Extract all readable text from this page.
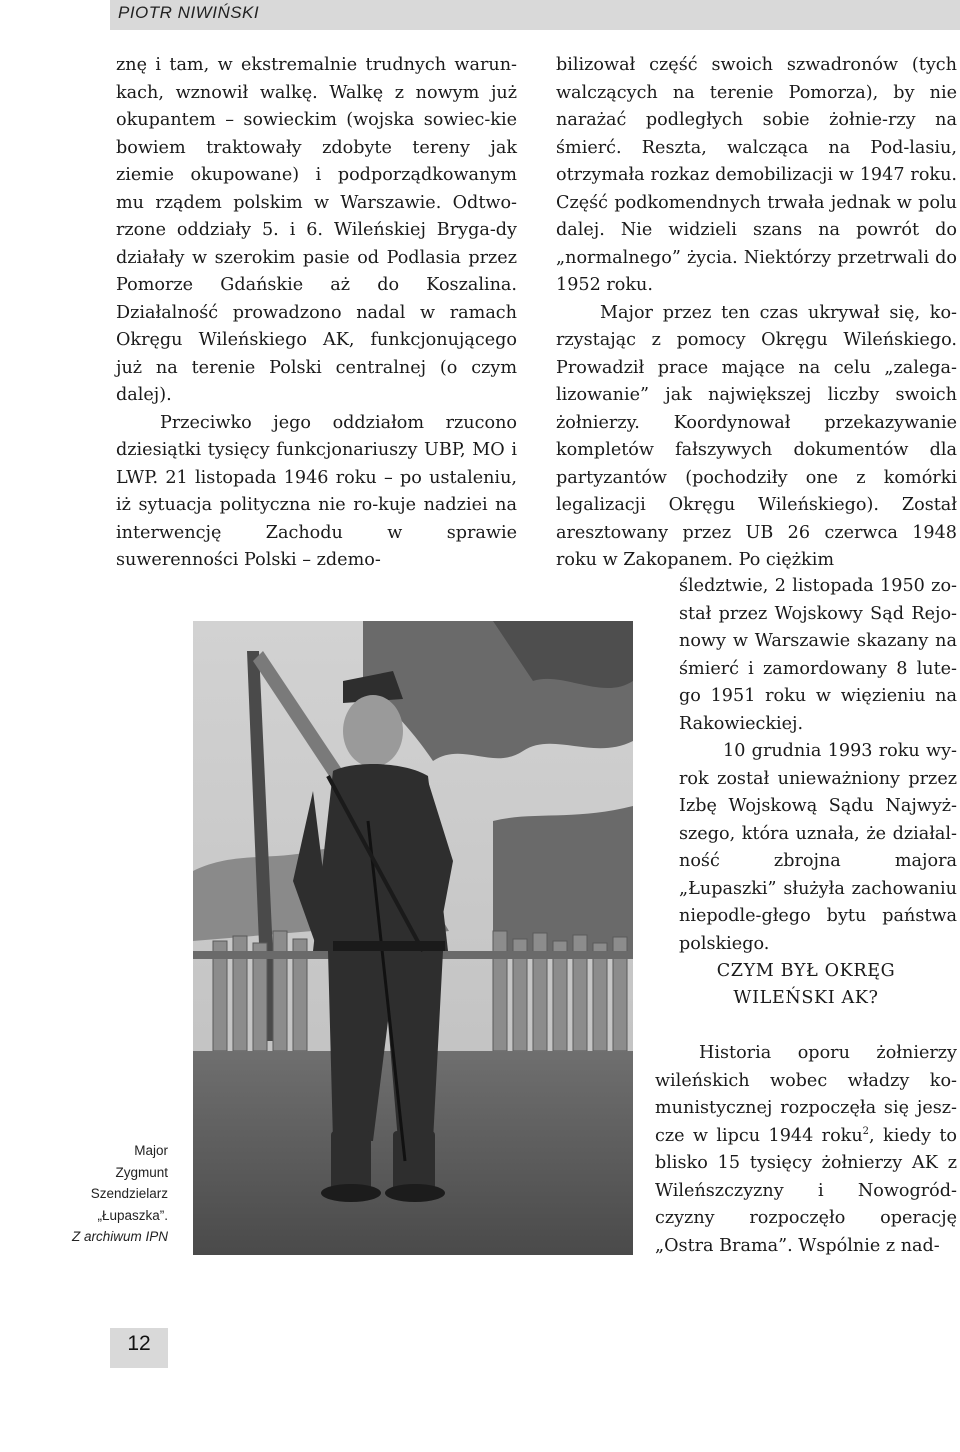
PIOTR NIWIŃSKI

znę i tam, w ekstremalnie trudnych warun-kach, wznowił walkę. Walkę z nowym już okupantem – sowieckim (wojska sowiec-kie bowiem traktowały zdobyte tereny jak ziemie okupowane) i podporządkowanym mu rządem polskim w Warszawie. Odtwo-rzone oddziały 5. i 6. Wileńskiej Bryga-dy działały w szerokim pasie od Podlasia przez Pomorze Gdańskie aż do Koszalina. Działalność prowadzono nadal w ramach Okręgu Wileńskiego AK, funkcjonującego już na terenie Polski centralnej (o czym dalej).

Przeciwko jego oddziałom rzucono dziesiątki tysięcy funkcjonariuszy UBP, MO i LWP. 21 listopada 1946 roku – po ustaleniu, iż sytuacja polityczna nie ro-kuje nadziei na interwencję Zachodu w sprawie suwerenności Polski – zdemo-

bilizował część swoich szwadronów (tych walczących na terenie Pomorza), by nie narażać podległych sobie żołnie-rzy na śmierć. Reszta, walcząca na Pod-lasiu, otrzymała rozkaz demobilizacji w 1947 roku. Część podkomendnych trwała jednak w polu dalej. Nie widzieli szans na powrót do „normalnego” życia. Niektórzy przetrwali do 1952 roku.

Major przez ten czas ukrywał się, ko-rzystając z pomocy Okręgu Wileńskiego. Prowadził prace mające na celu „zalega-lizowanie” jak największej liczby swoich żołnierzy. Koordynował przekazywanie kompletów fałszywych dokumentów dla partyzantów (pochodziły one z komórki legalizacji Okręgu Wileńskiego). Został aresztowany przez UB 26 czerwca 1948 roku w Zakopanem. Po ciężkim

śledztwie, 2 listopada 1950 zo-stał przez Wojskowy Sąd Rejo-nowy w Warszawie skazany na śmierć i zamordowany 8 lute-go 1951 roku w więzieniu na Rakowieckiej.

10 grudnia 1993 roku wy-rok został unieważniony przez Izbę Wojskową Sądu Najwyż-szego, która uznała, że działal-ność zbrojna majora „Łupaszki” służyła zachowaniu niepodle-głego bytu państwa polskiego.

CZYM BYŁ OKRĘG
WILEŃSKI AK?

Historia oporu żołnierzy wileńskich wobec władzy ko-munistycznej rozpoczęła się jesz-cze w lipcu 1944 roku$^2$, kiedy to blisko 15 tysięcy żołnierzy AK z Wileńszczyzny i Nowogród-czyzny rozpoczęło operację „Ostra Brama”. Wspólnie z nad-

Major
Zygmunt
Szendzielarz
„Łupaszka”.
Z archiwum IPN
12
